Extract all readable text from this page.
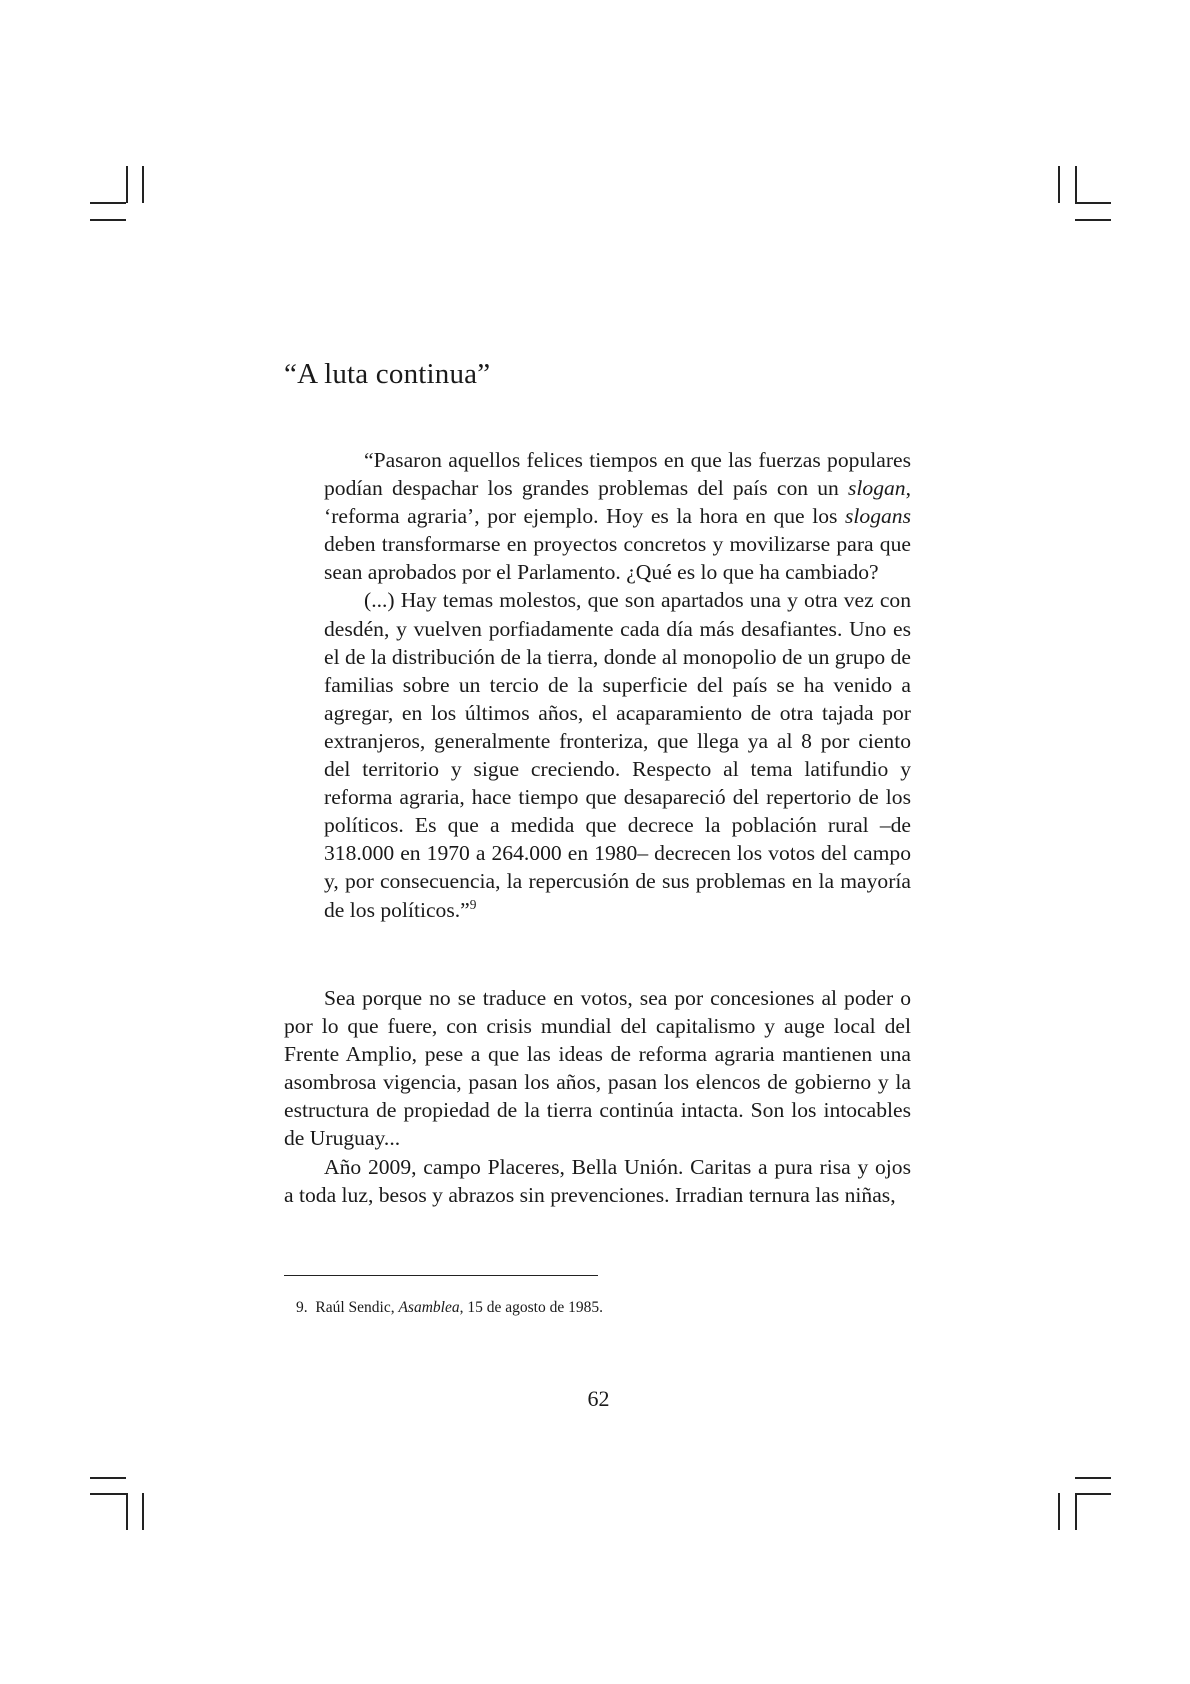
“A luta continua”

“Pasaron aquellos felices tiempos en que las fuerzas populares podían despachar los grandes problemas del país con un slogan, ‘reforma agraria’, por ejemplo. Hoy es la hora en que los slogans deben transformarse en proyectos concretos y movilizarse para que sean aprobados por el Parlamento. ¿Qué es lo que ha cambiado?

(...) Hay temas molestos, que son apartados una y otra vez con desdén, y vuelven porfiadamente cada día más desafiantes. Uno es el de la distribución de la tierra, donde al monopolio de un grupo de familias sobre un tercio de la superficie del país se ha venido a agregar, en los últimos años, el acaparamiento de otra tajada por extranjeros, generalmente fronteriza, que llega ya al 8 por ciento del territorio y sigue creciendo. Respecto al tema latifundio y reforma agraria, hace tiempo que desapareció del repertorio de los políticos. Es que a medida que decrece la población rural –de 318.000 en 1970 a 264.000 en 1980– decrecen los votos del campo y, por consecuencia, la repercusión de sus problemas en la mayoría de los políticos.”$^9$

Sea porque no se traduce en votos, sea por concesiones al poder o por lo que fuere, con crisis mundial del capitalismo y auge local del Frente Amplio, pese a que las ideas de reforma agraria mantienen una asombrosa vigencia, pasan los años, pasan los elencos de gobierno y la estructura de propiedad de la tierra continúa intacta. Son los intocables de Uruguay...

Año 2009, campo Placeres, Bella Unión. Caritas a pura risa y ojos a toda luz, besos y abrazos sin prevenciones. Irradian ternura las niñas,

9. Raúl Sendic, Asamblea, 15 de agosto de 1985.
62
